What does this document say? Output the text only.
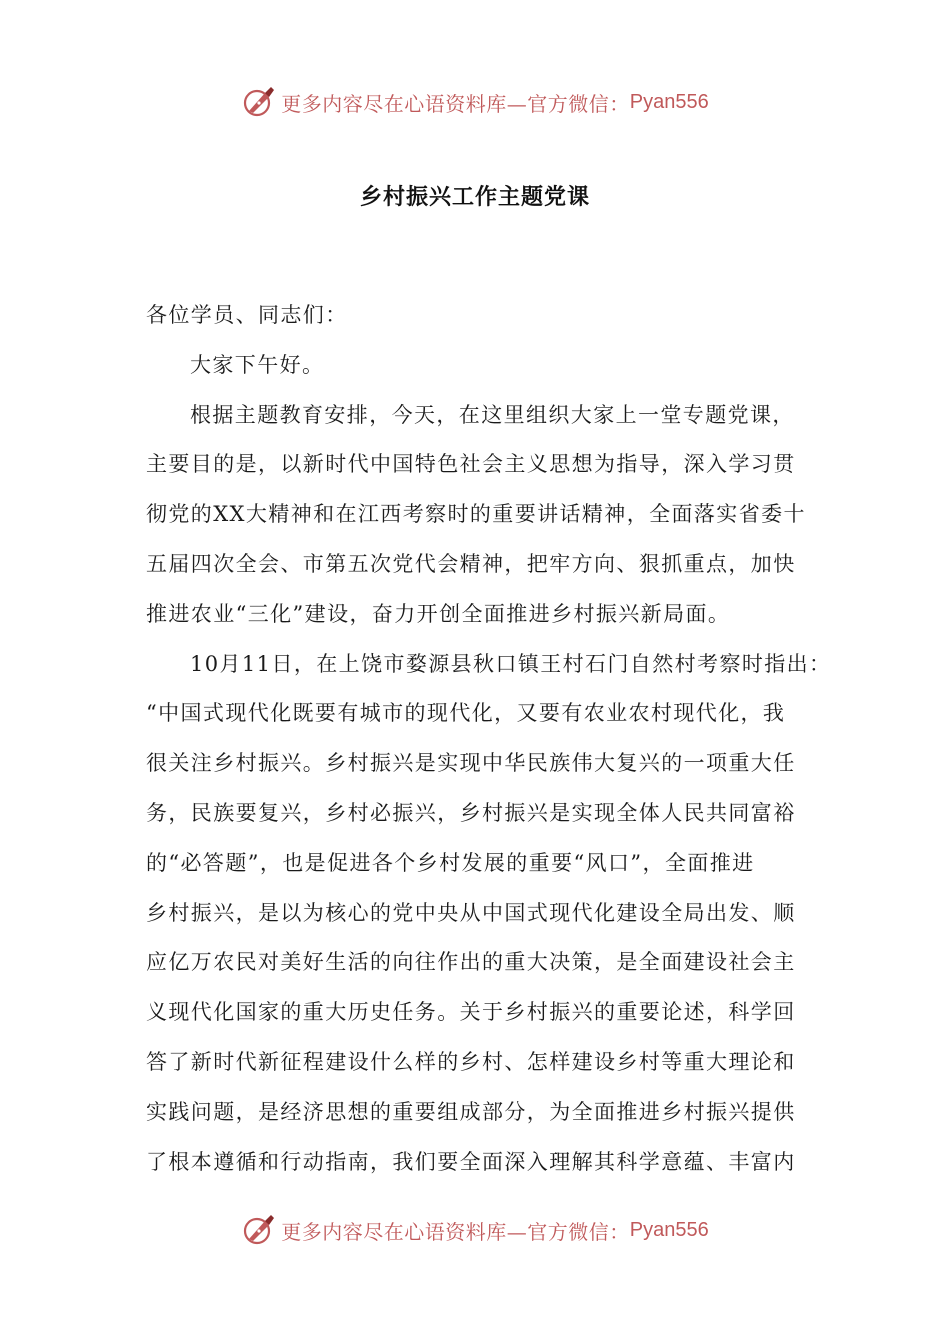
更多内容尽在心语资料库—官方微信： Pyan556
乡村振兴工作主题党课
各位学员、同志们：
大家下午好。
根据主题教育安排，今天，在这里组织大家上一堂专题党课，
主要目的是，以新时代中国特色社会主义思想为指导，深入学习贯
彻党的XX大精神和在江西考察时的重要讲话精神，全面落实省委十
五届四次全会、市第五次党代会精神，把牢方向、狠抓重点，加快
推进农业“三化”建设，奋力开创全面推进乡村振兴新局面。
10月11日，在上饶市婺源县秋口镇王村石门自然村考察时指出：
“中国式现代化既要有城市的现代化，又要有农业农村现代化，我
很关注乡村振兴。乡村振兴是实现中华民族伟大复兴的一项重大任
务，民族要复兴，乡村必振兴，乡村振兴是实现全体人民共同富裕
的“必答题”，也是促进各个乡村发展的重要“风口”，全面推进
乡村振兴，是以为核心的党中央从中国式现代化建设全局出发、顺
应亿万农民对美好生活的向往作出的重大决策，是全面建设社会主
义现代化国家的重大历史任务。关于乡村振兴的重要论述，科学回
答了新时代新征程建设什么样的乡村、怎样建设乡村等重大理论和
实践问题，是经济思想的重要组成部分，为全面推进乡村振兴提供
了根本遵循和行动指南，我们要全面深入理解其科学意蕴、丰富内
更多内容尽在心语资料库—官方微信： Pyan556
